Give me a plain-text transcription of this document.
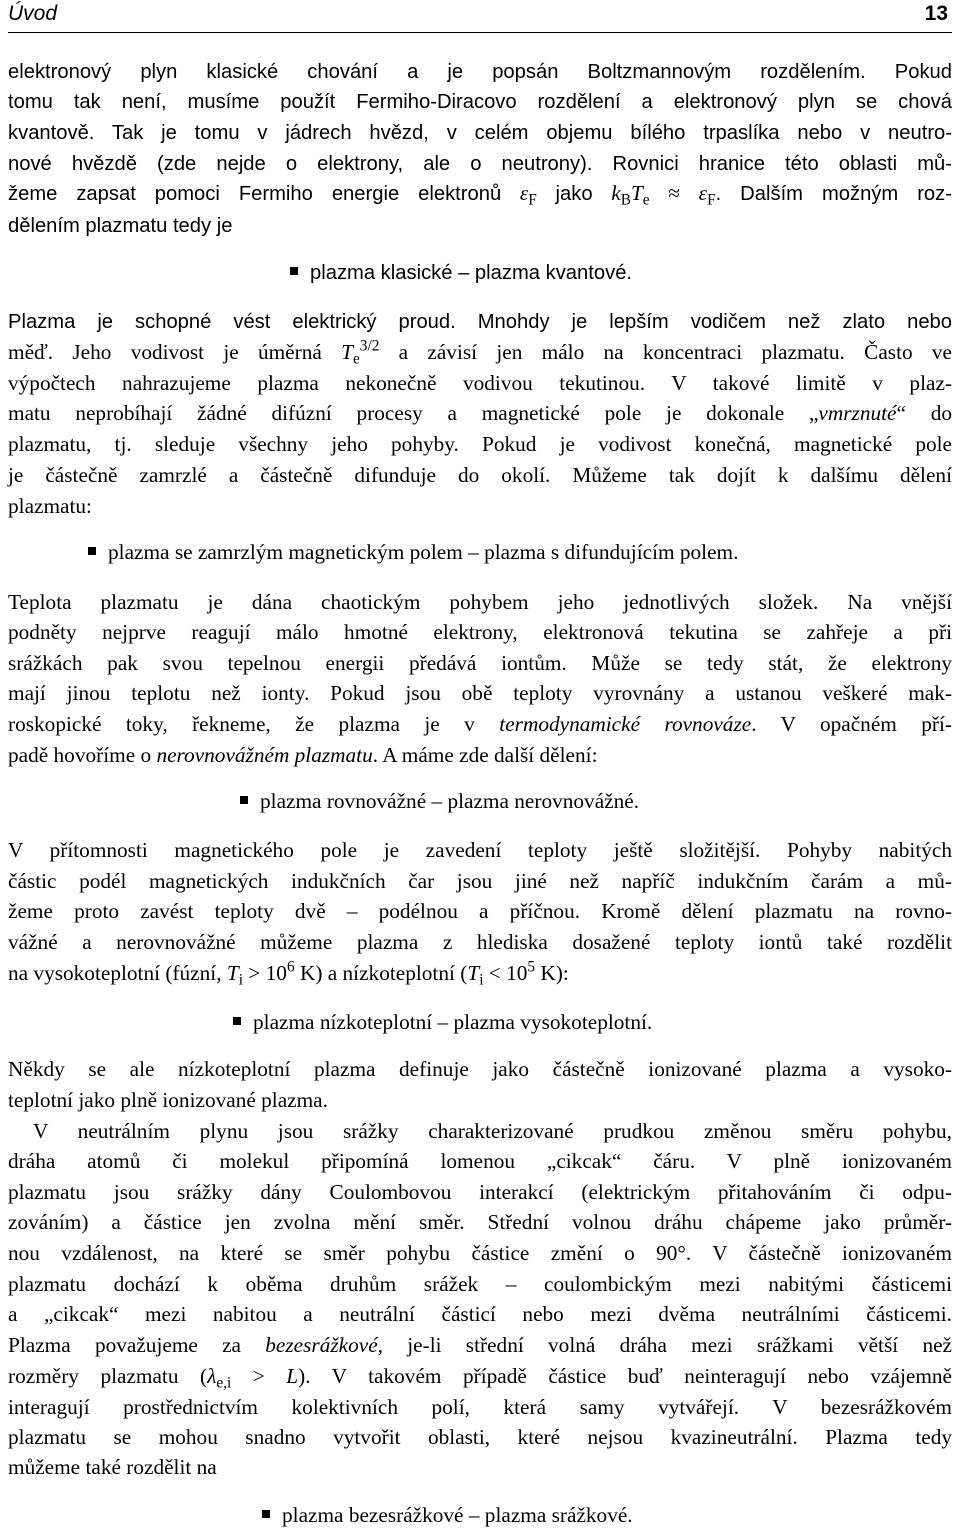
Úvod	13
elektronový plyn klasické chování a je popsán Boltzmannovým rozdělením. Pokud
tomu tak není, musíme použít Fermiho-Diracovo rozdělení a elektronový plyn se chová
kvantově. Tak je tomu v jádrech hvězd, v celém objemu bílého trpaslíka nebo v neutro-
nové hvězdě (zde nejde o elektrony, ale o neutrony). Rovnici hranice této oblasti mů-
žeme zapsat pomoci Fermiho energie elektronů $\varepsilon_F$ jako $k_BT_e \approx \varepsilon_F$. Dalším možným roz-
dělením plazmatu tedy je
plazma klasické – plazma kvantové.
Plazma je schopné vést elektrický proud. Mnohdy je lepším vodičem než zlato nebo
měď. Jeho vodivost je úměrná $T_e^{3/2}$ a závisí jen málo na koncentraci plazmatu. Často ve
výpočtech nahrazujeme plazma nekonečně vodivou tekutinou. V takové limitě v plaz-
matu neprobíhají žádné difúzní procesy a magnetické pole je dokonale „vmrznuté“ do
plazmatu, tj. sleduje všechny jeho pohyby. Pokud je vodivost konečná, magnetické pole
je částečně zamrzlé a částečně difunduje do okolí. Můžeme tak dojít k dalšímu dělení
plazmatu:
plazma se zamrzlým magnetickým polem – plazma s difundujícím polem.
Teplota plazmatu je dána chaotickým pohybem jeho jednotlivých složek. Na vnější
podněty nejprve reagují málo hmotné elektrony, elektronová tekutina se zahřeje a při
srážkách pak svou tepelnou energii předává iontům. Může se tedy stát, že elektrony
mají jinou teplotu než ionty. Pokud jsou obě teploty vyrovnány a ustanou veškeré mak-
roskopické toky, řekneme, že plazma je v termodynamické rovnováze. V opačném pří-
padě hovoříme o nerovnovážném plazmatu. A máme zde další dělení:
plazma rovnovážné – plazma nerovnovážné.
V přítomnosti magnetického pole je zavedení teploty ještě složitější. Pohyby nabitých
částic podél magnetických indukčních čar jsou jiné než napříč indukčním čarám a mů-
žeme proto zavést teploty dvě – podélnou a příčnou. Kromě dělení plazmatu na rovno-
vážné a nerovnovážné můžeme plazma z hlediska dosažené teploty iontů také rozdělit
na vysokoteplotní (fúzní, $T_i > 10^6$ K) a nízkoteplotní ($T_i < 10^5$ K):
plazma nízkoteplotní – plazma vysokoteplotní.
Někdy se ale nízkoteplotní plazma definuje jako částečně ionizované plazma a vysoko-
teplotní jako plně ionizované plazma.
V neutrálním plynu jsou srážky charakterizované prudkou změnou směru pohybu,
dráha atomů či molekul připomíná lomenou „cikcak“ čáru. V plně ionizovaném
plazmatu jsou srážky dány Coulombovou interakcí (elektrickým přitahováním či odpu-
zováním) a částice jen zvolna mění směr. Střední volnou dráhu chápeme jako průměr-
nou vzdálenost, na které se směr pohybu částice změní o 90°. V částečně ionizovaném
plazmatu dochází k oběma druhům srážek – coulombickým mezi nabitými částicemi
a „cikcak“ mezi nabitou a neutrální částicí nebo mezi dvěma neutrálními částicemi.
Plazma považujeme za bezesrážkové, je-li střední volná dráha mezi srážkami větší než
rozměry plazmatu $(\lambda_{e,i} > L)$. V takovém případě částice buď neinteragují nebo vzájemně
interagují prostřednictvím kolektivních polí, která samy vytvářejí. V bezesrážkovém
plazmatu se mohou snadno vytvořit oblasti, které nejsou kvazineutrální. Plazma tedy
můžeme také rozdělit na
plazma bezesrážkové – plazma srážkové.
